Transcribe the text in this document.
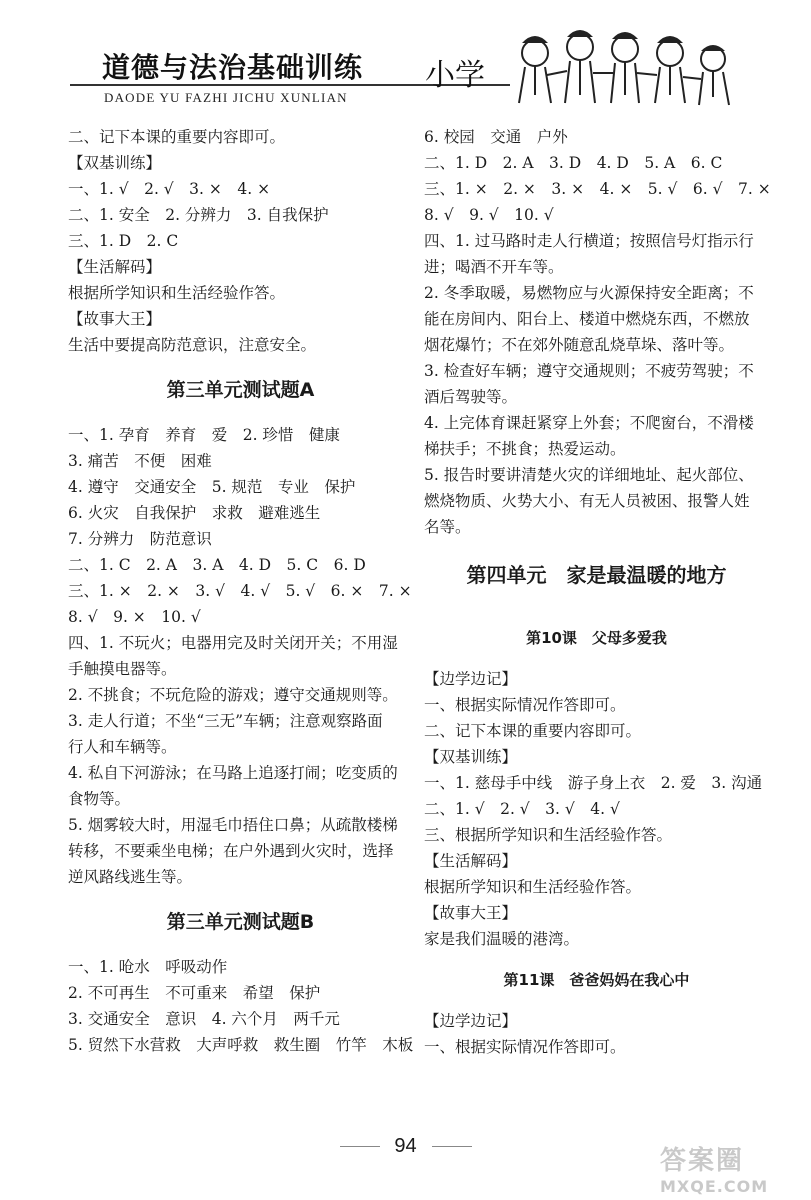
道德与法治基础训练
DAODE YU FAZHI JICHU XUNLIAN
小学
二、记下本课的重要内容即可。
【双基训练】
一、1. √　2. √　3. ×　4. ×
二、1. 安全　2. 分辨力　3. 自我保护
三、1. D　2. C
【生活解码】
根据所学知识和生活经验作答。
【故事大王】
生活中要提高防范意识，注意安全。
第三单元测试题A
一、1. 孕育　养育　爱　2. 珍惜　健康
3. 痛苦　不便　困难
4. 遵守　交通安全　5. 规范　专业　保护
6. 火灾　自我保护　求救　避难逃生
7. 分辨力　防范意识
二、1. C　2. A　3. A　4. D　5. C　6. D
三、1. ×　2. ×　3. √　4. √　5. √　6. ×　7. ×
8. √　9. ×　10. √
四、1. 不玩火；电器用完及时关闭开关；不用湿
手触摸电器等。
2. 不挑食；不玩危险的游戏；遵守交通规则等。
3. 走人行道；不坐“三无”车辆；注意观察路面
行人和车辆等。
4. 私自下河游泳；在马路上追逐打闹；吃变质的
食物等。
5. 烟雾较大时，用湿毛巾捂住口鼻；从疏散楼梯
转移，不要乘坐电梯；在户外遇到火灾时，选择
逆风路线逃生等。
第三单元测试题B
一、1. 呛水　呼吸动作
2. 不可再生　不可重来　希望　保护
3. 交通安全　意识　4. 六个月　两千元
5. 贸然下水营救　大声呼救　救生圈　竹竿　木板
6. 校园　交通　户外
二、1. D　2. A　3. D　4. D　5. A　6. C
三、1. ×　2. ×　3. ×　4. ×　5. √　6. √　7. ×
8. √　9. √　10. √
四、1. 过马路时走人行横道；按照信号灯指示行
进；喝酒不开车等。
2. 冬季取暖，易燃物应与火源保持安全距离；不
能在房间内、阳台上、楼道中燃烧东西，不燃放
烟花爆竹；不在郊外随意乱烧草垛、落叶等。
3. 检查好车辆；遵守交通规则；不疲劳驾驶；不
酒后驾驶等。
4. 上完体育课赶紧穿上外套；不爬窗台，不滑楼
梯扶手；不挑食；热爱运动。
5. 报告时要讲清楚火灾的详细地址、起火部位、
燃烧物质、火势大小、有无人员被困、报警人姓
名等。
第四单元　家是最温暖的地方
第10课　父母多爱我
【边学边记】
一、根据实际情况作答即可。
二、记下本课的重要内容即可。
【双基训练】
一、1. 慈母手中线　游子身上衣　2. 爱　3. 沟通
二、1. √　2. √　3. √　4. √
三、根据所学知识和生活经验作答。
【生活解码】
根据所学知识和生活经验作答。
【故事大王】
家是我们温暖的港湾。
第11课　爸爸妈妈在我心中
【边学边记】
一、根据实际情况作答即可。
94	答案圈
MXQE.COM
